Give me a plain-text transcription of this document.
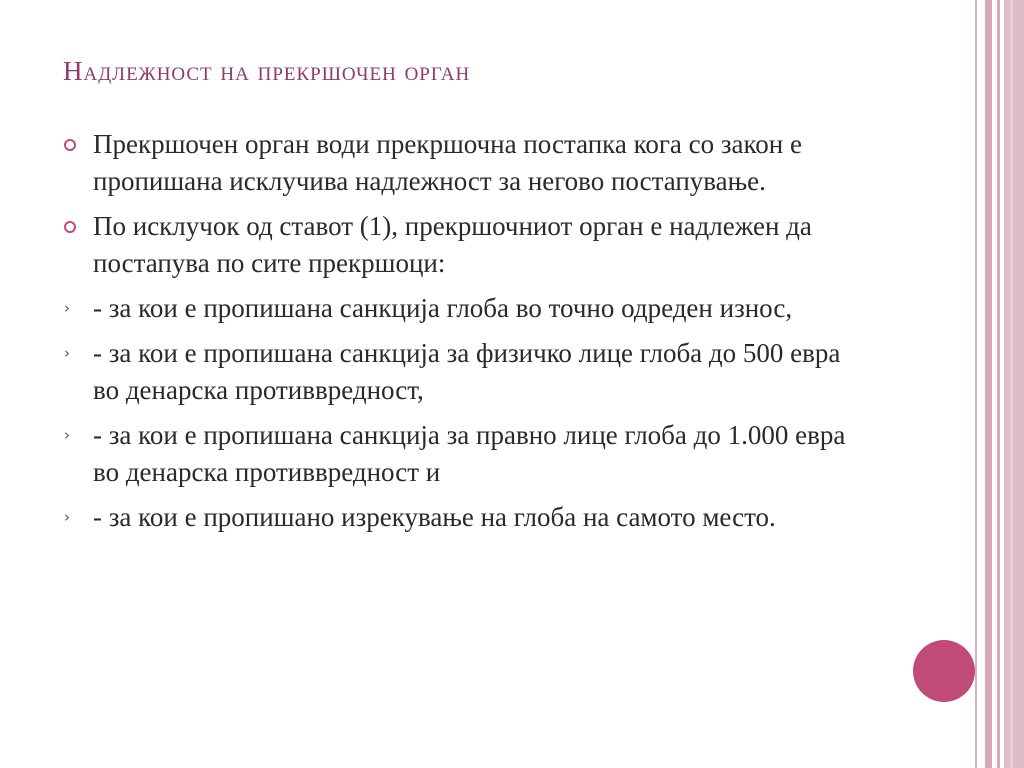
Надлежност на прекршочен орган
Прекршочен орган води прекршочна постапка кога со закон е пропишана исклучива надлежност за негово постапување.
По исклучок од ставот (1), прекршочниот орган е надлежен да постапува по сите прекршоци:
› - за кои е пропишана санкција глоба во точно одреден износ,
› - за кои е пропишана санкција за физичко лице глоба до 500 евра во денарска противвредност,
› - за кои е пропишана санкција за правно лице глоба до 1.000 евра во денарска противвредност и
› - за кои е пропишано изрекување на глоба на самото место.
